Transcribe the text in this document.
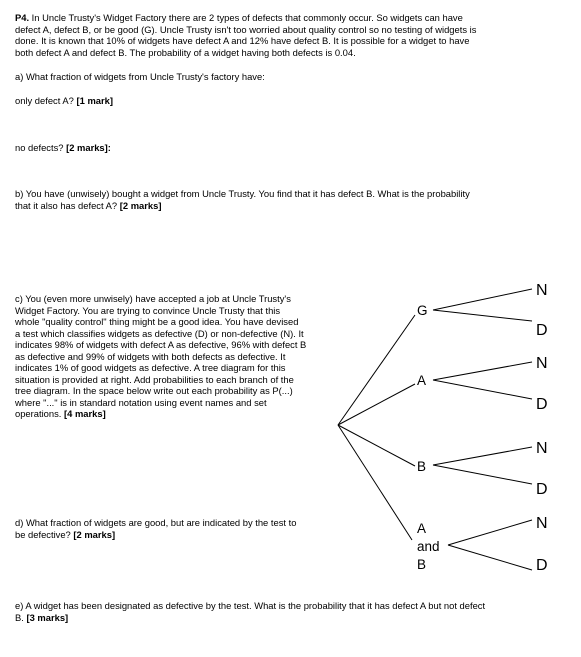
P4. In Uncle Trusty's Widget Factory there are 2 types of defects that commonly occur. So widgets can have
defect A, defect B, or be good (G). Uncle Trusty isn't too worried about quality control so no testing of widgets is
done. It is known that 10% of widgets have defect A and 12% have defect B. It is possible for a widget to have
both defect A and defect B. The probability of a widget having both defects is 0.04.
a) What fraction of widgets from Uncle Trusty's factory have:
only defect A? [1 mark]
no defects? [2 marks]:
b) You have (unwisely) bought a widget from Uncle Trusty. You find that it has defect B. What is the probability
that it also has defect A? [2 marks]
c) You (even more unwisely) have accepted a job at Uncle Trusty's
Widget Factory. You are trying to convince Uncle Trusty that this
whole "quality control" thing might be a good idea. You have devised
a test which classifies widgets as defective (D) or non-defective (N). It
indicates 98% of widgets with defect A as defective, 96% with defect B
as defective and 99% of widgets with both defects as defective. It
indicates 1% of good widgets as defective. A tree diagram for this
situation is provided at right. Add probabilities to each branch of the
tree diagram. In the space below write out each probability as P(...)
where "..." is in standard notation using event names and set
operations. [4 marks]
d) What fraction of widgets are good, but are indicated by the test to
be defective? [2 marks]
e) A widget has been designated as defective by the test. What is the probability that it has defect A but not defect
B. [3 marks]
G
A
B
A
and
B
N
D
N
D
N
D
N
D
